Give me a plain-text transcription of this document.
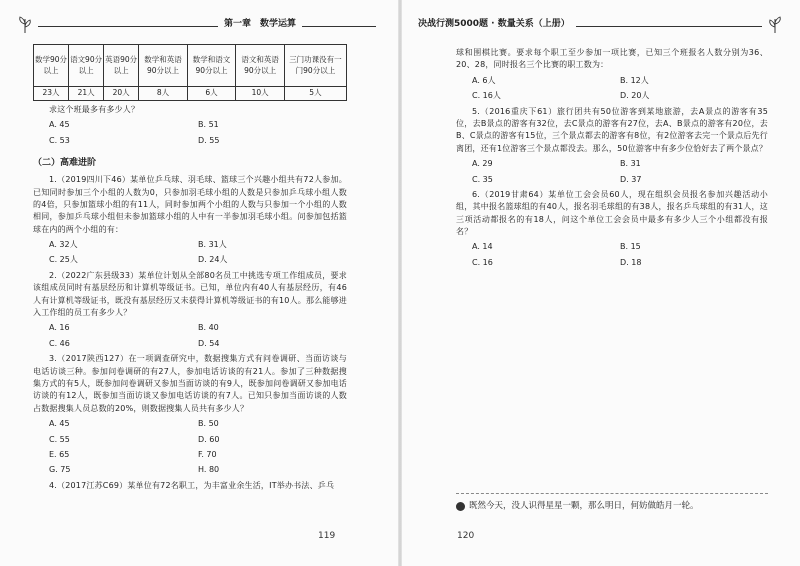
第一章　数学运算	决战行测5000题 · 数量关系（上册）
数学90分以上	语文90分以上	英语90分以上	数学和英语90分以上	数学和语文90分以上	语文和英语90分以上	三门功课没有一门90分以上
23人	21人	20人	8人	6人	10人	5人

求这个班最多有多少人？

A. 45	B. 51
C. 53	D. 55
（二）高难进阶

1.（2019四川下46）某单位乒乓球、羽毛球、篮球三个兴趣小组共有72人参加。已知同时参加三个小组的人数为0，只参加羽毛球小组的人数是只参加乒乓球小组人数的4倍，只参加篮球小组的有11人，同时参加两个小组的人数与只参加一个小组的人数相同，参加乒乓球小组但未参加篮球小组的人中有一半参加羽毛球小组。问参加包括篮球在内的两个小组的有：

A. 32人	B. 31人
C. 25人	D. 24人

2.（2022广东县级33）某单位计划从全部80名员工中挑选专项工作组成员，要求该组成员同时有基层经历和计算机等级证书。已知，单位内有40人有基层经历，有46人有计算机等级证书，既没有基层经历又未获得计算机等级证书的有10人。那么能够进入工作组的员工有多少人？

A. 16	B. 40
C. 46	D. 54

3.（2017陕西127）在一项调查研究中，数据搜集方式有问卷调研、当面访谈与电话访谈三种。参加问卷调研的有27人，参加电话访谈的有21人。参加了三种数据搜集方式的有5人，既参加问卷调研又参加当面访谈的有9人，既参加问卷调研又参加电话访谈的有12人，既参加当面访谈又参加电话访谈的有7人。已知只参加当面访谈的人数占数据搜集人员总数的20%，则数据搜集人员共有多少人？

A. 45	B. 50
C. 55	D. 60
E. 65	F. 70
G. 75	H. 80

4.（2017江苏C69）某单位有72名职工，为丰富业余生活，IT举办书法、乒乓

119

球和围棋比赛。要求每个职工至少参加一项比赛，已知三个班报名人数分别为36、20、28，同时报名三个比赛的职工数为：

A. 6人	B. 12人
C. 16人	D. 20人

5.（2016重庆下61）旅行团共有50位游客到某地旅游，去A景点的游客有35位，去B景点的游客有32位，去C景点的游客有27位，去A、B景点的游客有20位，去B、C景点的游客有15位，三个景点都去的游客有8位，有2位游客去完一个景点后先行离团，还有1位游客三个景点都没去。那么，50位游客中有多少位恰好去了两个景点？

A. 29	B. 31
C. 35	D. 37

6.（2019甘肃64）某单位工会会员60人，现在组织会员报名参加兴趣活动小组，其中报名篮球组的有40人，报名羽毛球组的有38人，报名乒乓球组的有31人，这三项活动都报名的有18人，问这个单位工会会员中最多有多少人三个小组都没有报名？

A. 14	B. 15
C. 16	D. 18
既然今天，没人识得星星一颗，那么明日，何妨做皓月一轮。
120
